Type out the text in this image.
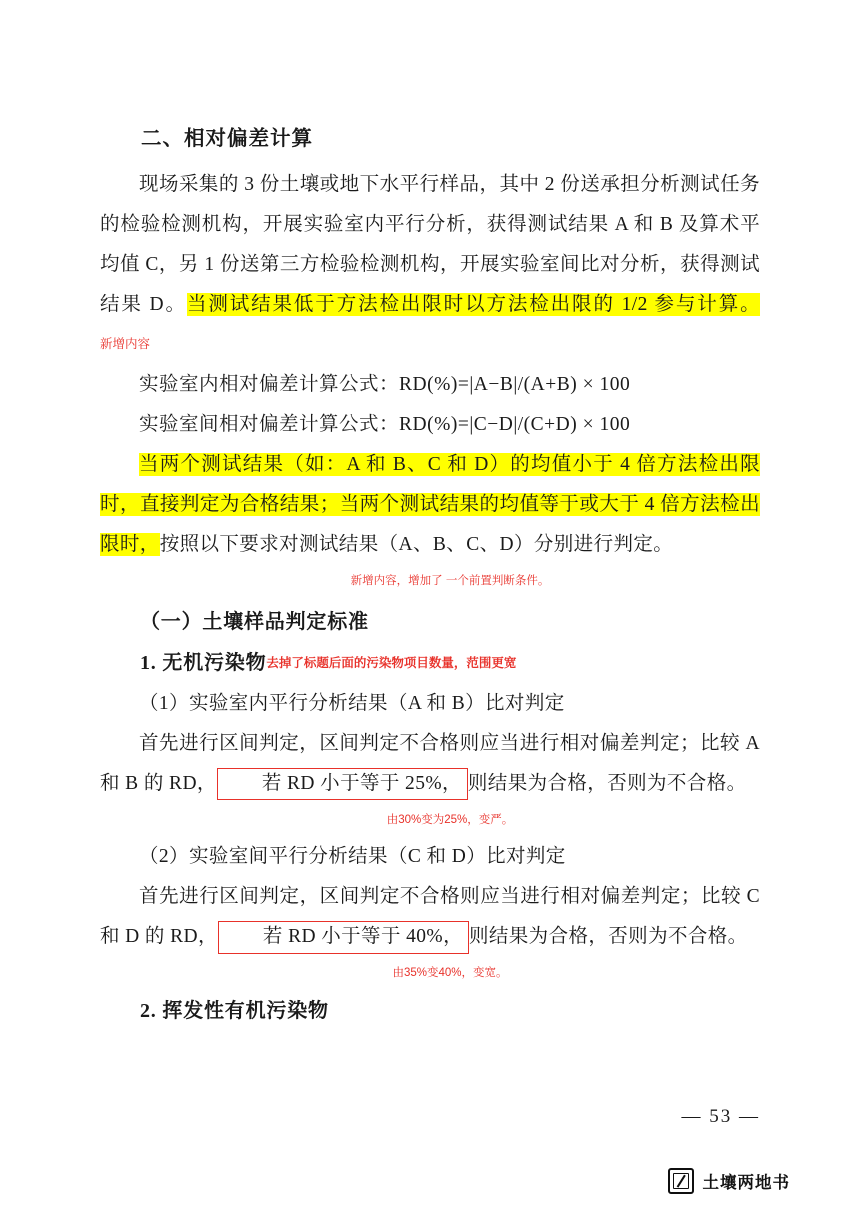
二、相对偏差计算

现场采集的 3 份土壤或地下水平行样品，其中 2 份送承担分析测试任务的检验检测机构，开展实验室内平行分析，获得测试结果 A 和 B 及算术平均值 C，另 1 份送第三方检验检测机构，开展实验室间比对分析，获得测试结果 D。当测试结果低于方法检出限时以方法检出限的 1/2 参与计算。新增内容

实验室内相对偏差计算公式：RD(%)=|A−B|/(A+B) × 100

实验室间相对偏差计算公式：RD(%)=|C−D|/(C+D) × 100

当两个测试结果（如：A 和 B、C 和 D）的均值小于 4 倍方法检出限时，直接判定为合格结果；当两个测试结果的均值等于或大于 4 倍方法检出限时，按照以下要求对测试结果（A、B、C、D）分别进行判定。

新增内容，增加了 一个前置判断条件。
（一）土壤样品判定标准
1. 无机污染物去掉了标题后面的污染物项目数量，范围更宽

（1）实验室内平行分析结果（A 和 B）比对判定

首先进行区间判定，区间判定不合格则应当进行相对偏差判定；比较 A 和 B 的 RD， 若 RD 小于等于 25%， 则结果为合格，否则为不合格。

由30%变为25%，变严。

（2）实验室间平行分析结果（C 和 D）比对判定

首先进行区间判定，区间判定不合格则应当进行相对偏差判定；比较 C 和 D 的 RD， 若 RD 小于等于 40%， 则结果为合格，否则为不合格。

由35%变40%，变宽。
2. 挥发性有机污染物
— 53 —
土壤两地书
